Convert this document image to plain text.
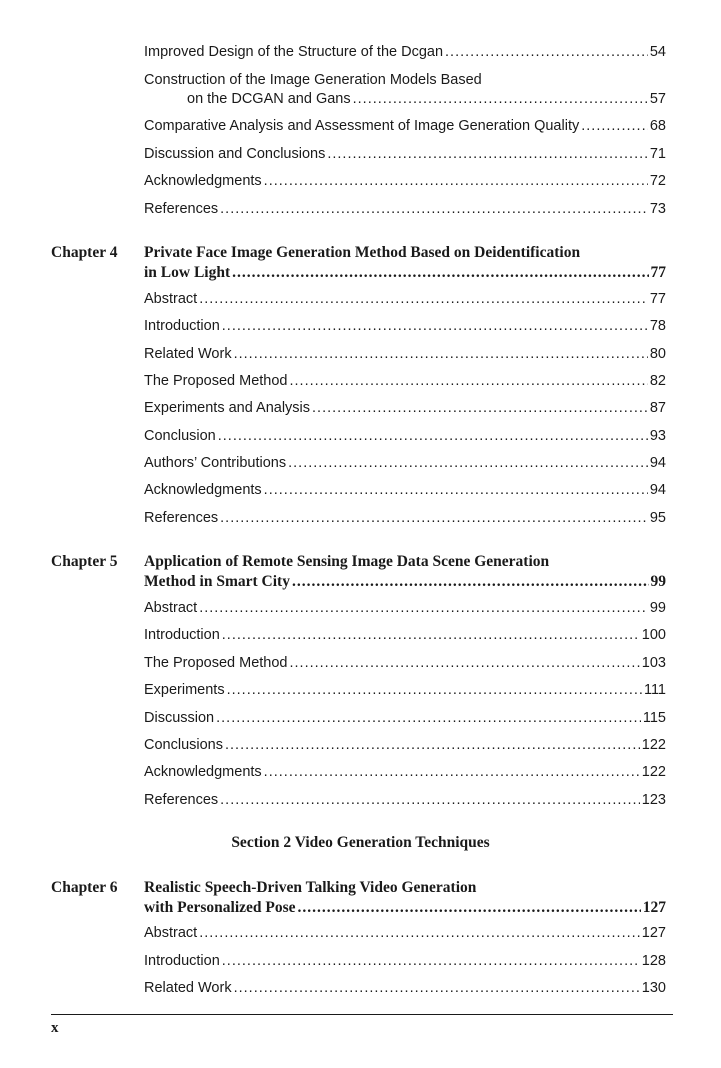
Improved Design of the Structure of the Dcgan .....	54
Construction of the Image Generation Models Based
on the DCGAN and Gans .....	57
Comparative Analysis and Assessment of Image Generation Quality .....	68
Discussion and Conclusions .....	71
Acknowledgments .....	72
References .....	73
Chapter 4 Private Face Image Generation Method Based on Deidentification
in Low Light .....	77
Abstract .....	77
Introduction .....	78
Related Work .....	80
The Proposed Method .....	82
Experiments and Analysis .....	87
Conclusion .....	93
Authors’ Contributions .....	94
Acknowledgments .....	94
References .....	95
Chapter 5 Application of Remote Sensing Image Data Scene Generation
Method in Smart City .....	99
Abstract .....	99
Introduction .....	100
The Proposed Method .....	103
Experiments .....	111
Discussion .....	115
Conclusions .....	122
Acknowledgments .....	122
References .....	123
Section 2 Video Generation Techniques
Chapter 6 Realistic Speech-Driven Talking Video Generation
with Personalized Pose .....	127
Abstract .....	127
Introduction .....	128
Related Work .....	130
x
